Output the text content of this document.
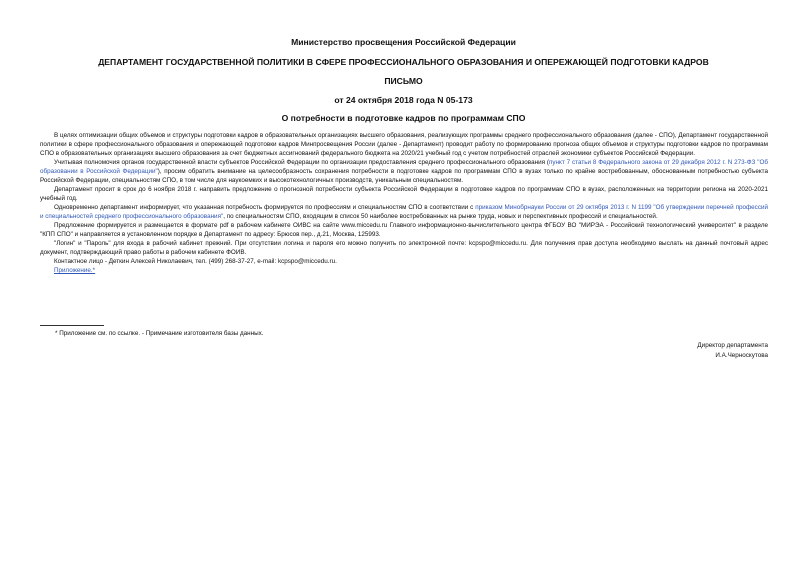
Министерство просвещения Российской Федерации
ДЕПАРТАМЕНТ ГОСУДАРСТВЕННОЙ ПОЛИТИКИ В СФЕРЕ ПРОФЕССИОНАЛЬНОГО ОБРАЗОВАНИЯ И ОПЕРЕЖАЮЩЕЙ ПОДГОТОВКИ КАДРОВ
ПИСЬМО
от 24 октября 2018 года N 05-173
О потребности в подготовке кадров по программам СПО

В целях оптимизации общих объемов и структуры подготовки кадров в образовательных организациях высшего образования, реализующих программы среднего профессионального образования (далее - СПО), Департамент государственной политики в сфере профессионального образования и опережающей подготовки кадров Минпросвещения России (далее - Департамент) проводит работу по формированию прогноза общих объемов и структуры подготовки кадров по программам СПО в образовательных организациях высшего образования за счет бюджетных ассигнований федерального бюджета на 2020/21 учебный год с учетом потребностей отраслей экономики субъектов Российской Федерации.

Учитывая полномочия органов государственной власти субъектов Российской Федерации по организации предоставления среднего профессионального образования (пункт 7 статьи 8 Федерального закона от 29 декабря 2012 г. N 273-ФЗ "Об образовании в Российской Федерации"), просим обратить внимание на целесообразность сохранения потребности в подготовке кадров по программам СПО в вузах только по крайне востребованным, обоснованным потребностью субъекта Российской Федерации, специальностям СПО, в том числе для наукоемких и высокотехнологичных производств, уникальным специальностям.

Департамент просит в срок до 6 ноября 2018 г. направить предложение о прогнозной потребности субъекта Российской Федерации в подготовке кадров по программам СПО в вузах, расположенных на территории региона на 2020-2021 учебный год.

Одновременно департамент информирует, что указанная потребность формируется по профессиям и специальностям СПО в соответствии с приказом Минобрнауки России от 29 октября 2013 г. N 1199 "Об утверждении перечней профессий и специальностей среднего профессионального образования", по специальностям СПО, входящим в список 50 наиболее востребованных на рынке труда, новых и перспективных профессий и специальностей.

Предложение формируется и размещается в формате pdf в рабочем кабинете ОИВС на сайте www.miccedu.ru Главного информационно-вычислительного центра ФГБОУ ВО "МИРЭА - Российский технологический университет" в разделе "КПП СПО" и направляется в установленном порядке в Департамент по адресу: Брюсов пер., д.21, Москва, 125993.

"Логин" и "Пароль" для входа в рабочий кабинет прежний. При отсутствии логина и пароля его можно получить по электронной почте: kcpspo@miccedu.ru. Для получения прав доступа необходимо выслать на данный почтовый адрес документ, подтверждающий право работы в рабочем кабинете ФОИВ.

Контактное лицо - Деткин Алексей Николаевич, тел. (499) 268-37-27, e-mail: kcpspo@miccedu.ru.

Приложение.*

* Приложение см. по ссылке. - Примечание изготовителя базы данных.
Директор департамента
И.А.Черноскутова
